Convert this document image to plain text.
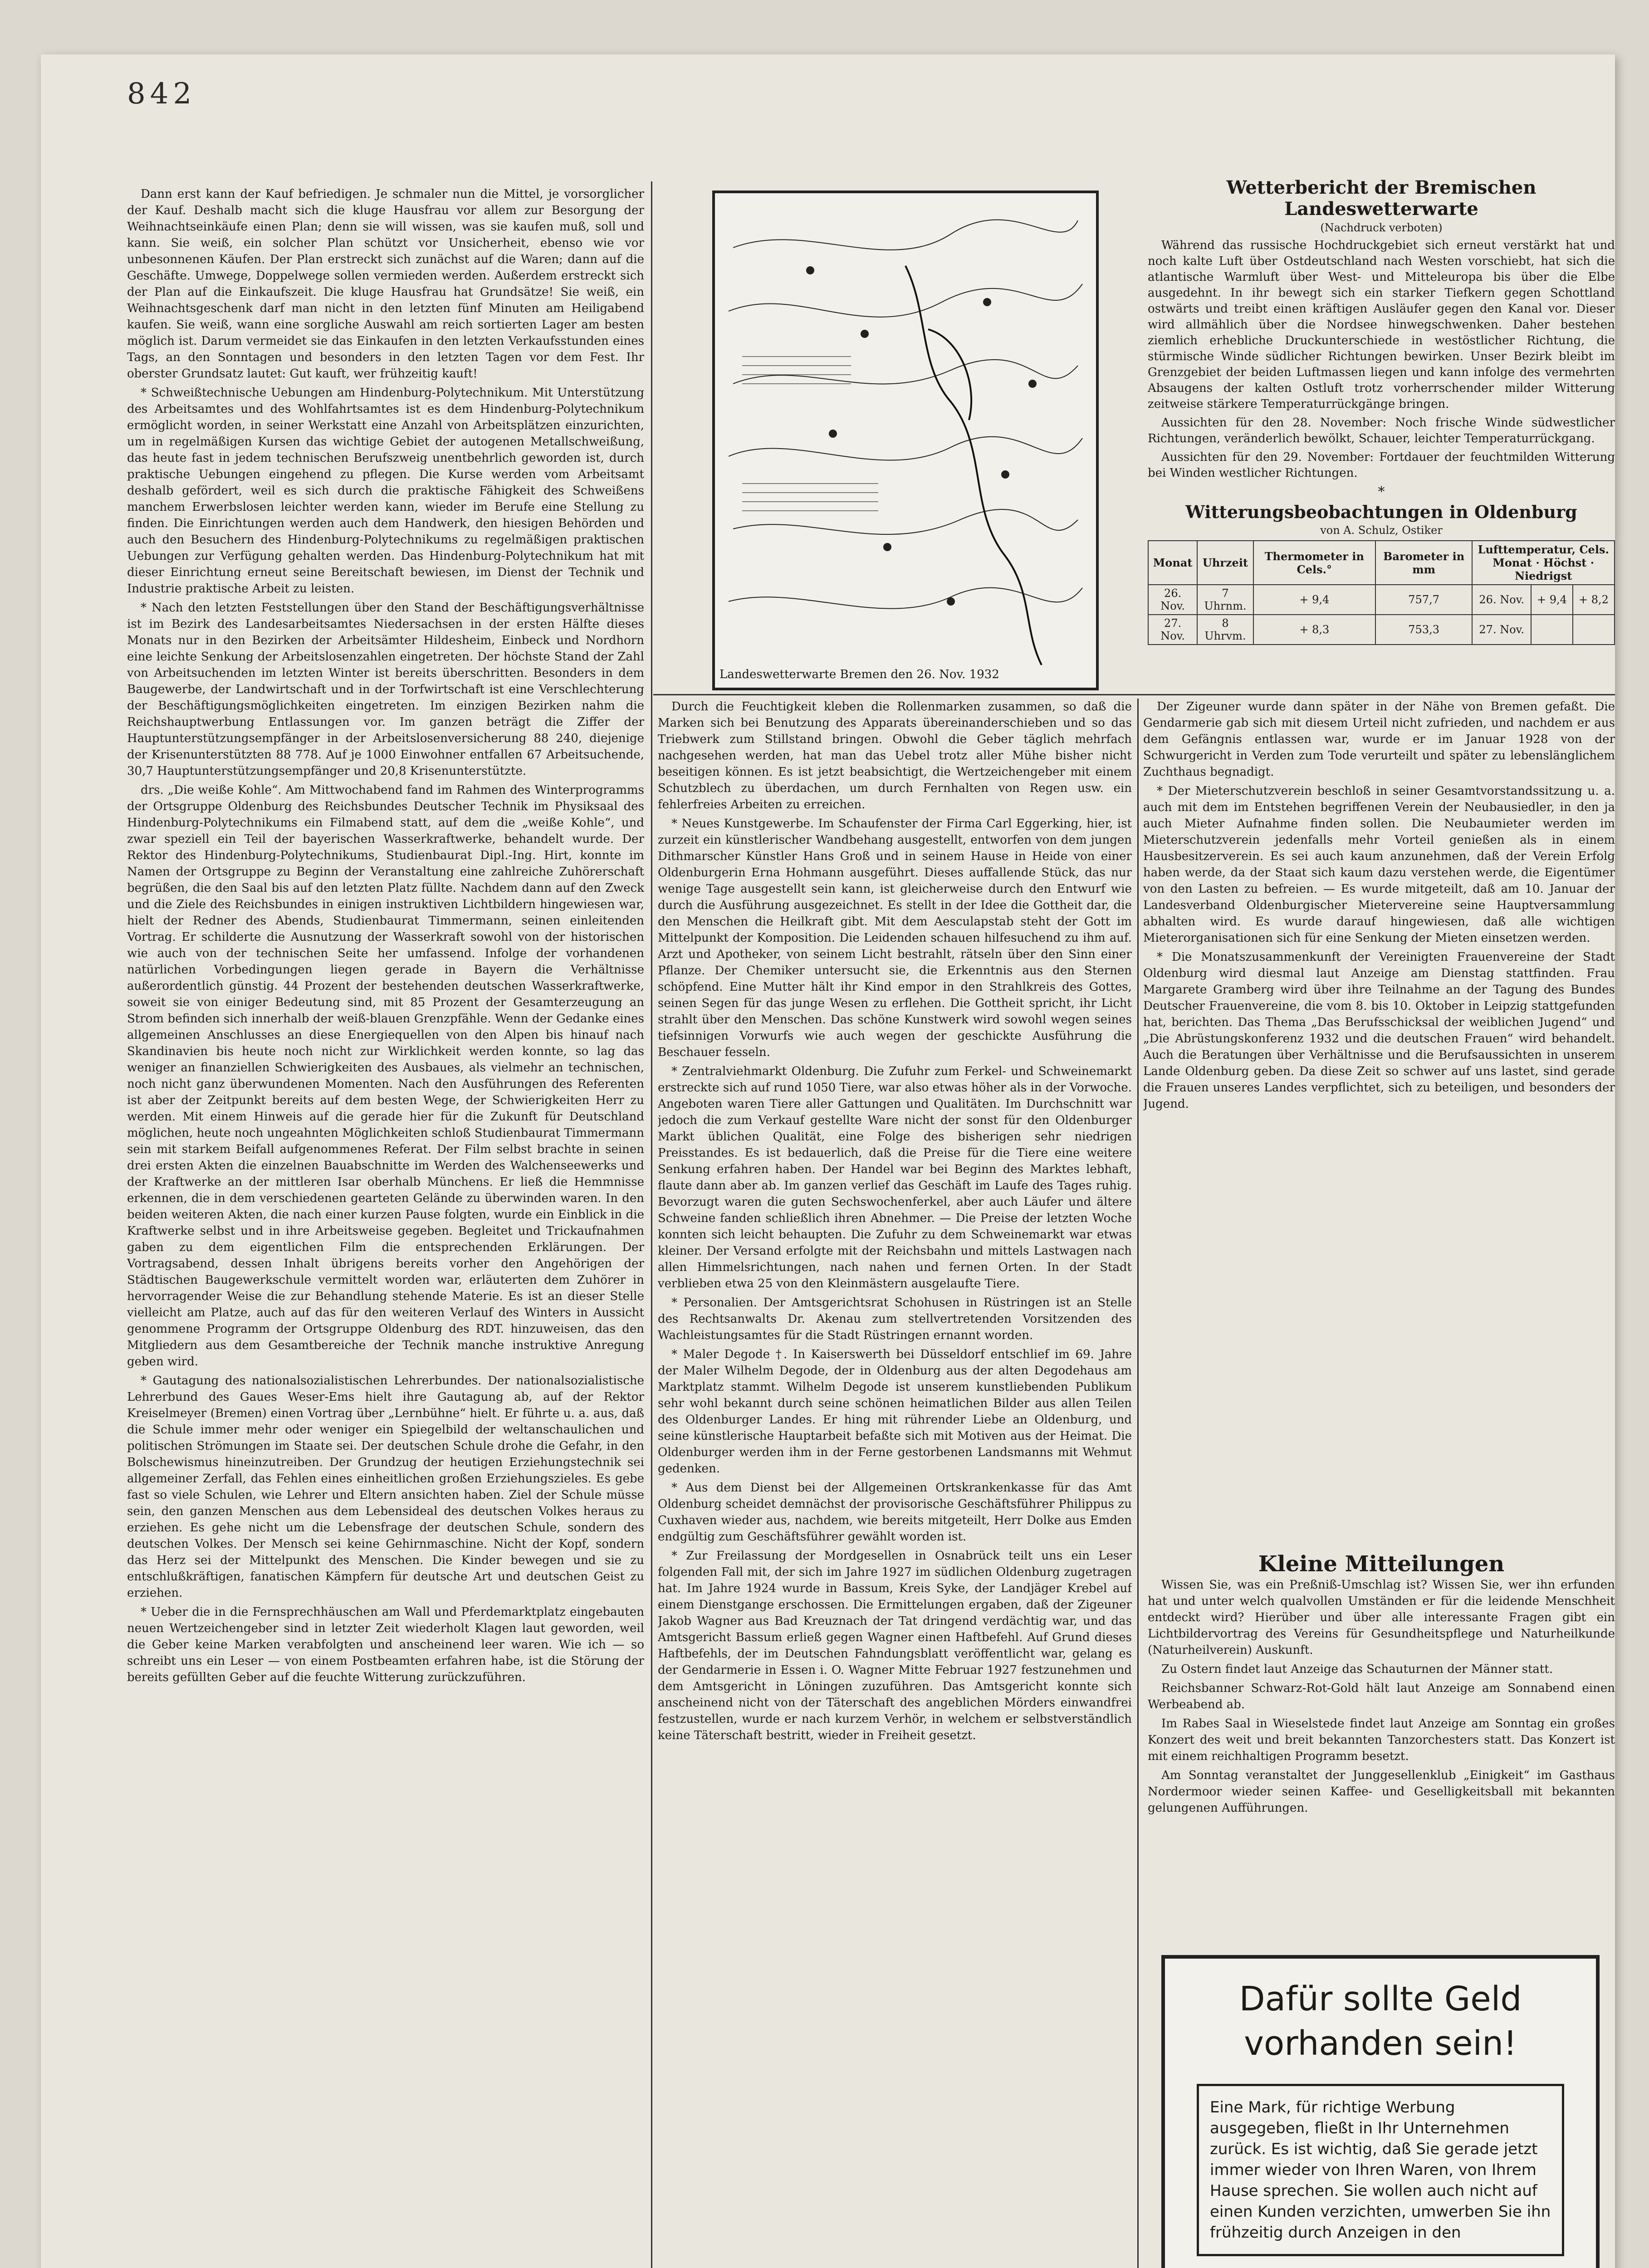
842

Dann erst kann der Kauf befriedigen. Je schmaler nun die Mittel, je vorsorglicher der Kauf. Deshalb macht sich die kluge Hausfrau vor allem zur Besorgung der Weihnachtseinkäufe einen Plan; denn sie will wissen, was sie kaufen muß, soll und kann. Sie weiß, ein solcher Plan schützt vor Unsicherheit, ebenso wie vor unbesonnenen Käufen. Der Plan erstreckt sich zunächst auf die Waren; dann auf die Geschäfte. Umwege, Doppelwege sollen vermieden werden. Außerdem erstreckt sich der Plan auf die Einkaufszeit. Die kluge Hausfrau hat Grundsätze! Sie weiß, ein Weihnachtsgeschenk darf man nicht in den letzten fünf Minuten am Heiligabend kaufen. Sie weiß, wann eine sorgliche Auswahl am reich sortierten Lager am besten möglich ist. Darum vermeidet sie das Einkaufen in den letzten Verkaufsstunden eines Tags, an den Sonntagen und besonders in den letzten Tagen vor dem Fest. Ihr oberster Grundsatz lautet: Gut kauft, wer frühzeitig kauft!

* Schweißtechnische Uebungen am Hindenburg-Polytechnikum. Mit Unterstützung des Arbeitsamtes und des Wohlfahrtsamtes ist es dem Hindenburg-Polytechnikum ermöglicht worden, in seiner Werkstatt eine Anzahl von Arbeitsplätzen einzurichten, um in regelmäßigen Kursen das wichtige Gebiet der autogenen Metallschweißung, das heute fast in jedem technischen Berufszweig unentbehrlich geworden ist, durch praktische Uebungen eingehend zu pflegen. Die Kurse werden vom Arbeitsamt deshalb gefördert, weil es sich durch die praktische Fähigkeit des Schweißens manchem Erwerbslosen leichter werden kann, wieder im Berufe eine Stellung zu finden. Die Einrichtungen werden auch dem Handwerk, den hiesigen Behörden und auch den Besuchern des Hindenburg-Polytechnikums zu regelmäßigen praktischen Uebungen zur Verfügung gehalten werden. Das Hindenburg-Polytechnikum hat mit dieser Einrichtung erneut seine Bereitschaft bewiesen, im Dienst der Technik und Industrie praktische Arbeit zu leisten.

* Nach den letzten Feststellungen über den Stand der Beschäftigungsverhältnisse ist im Bezirk des Landesarbeitsamtes Niedersachsen in der ersten Hälfte dieses Monats nur in den Bezirken der Arbeitsämter Hildesheim, Einbeck und Nordhorn eine leichte Senkung der Arbeitslosenzahlen eingetreten. Der höchste Stand der Zahl von Arbeitsuchenden im letzten Winter ist bereits überschritten. Besonders in dem Baugewerbe, der Landwirtschaft und in der Torfwirtschaft ist eine Verschlechterung der Beschäftigungsmöglichkeiten eingetreten. Im einzigen Bezirken nahm die Reichshauptwerbung Entlassungen vor. Im ganzen beträgt die Ziffer der Hauptunterstützungsempfänger in der Arbeitslosenversicherung 88 240, diejenige der Krisenunterstützten 88 778. Auf je 1000 Einwohner entfallen 67 Arbeitsuchende, 30,7 Hauptunterstützungsempfänger und 20,8 Krisenunterstützte.

drs. „Die weiße Kohle“. Am Mittwochabend fand im Rahmen des Winterprogramms der Ortsgruppe Oldenburg des Reichsbundes Deutscher Technik im Physiksaal des Hindenburg-Polytechnikums ein Filmabend statt, auf dem die „weiße Kohle“, und zwar speziell ein Teil der bayerischen Wasserkraftwerke, behandelt wurde. Der Rektor des Hindenburg-Polytechnikums, Studienbaurat Dipl.-Ing. Hirt, konnte im Namen der Ortsgruppe zu Beginn der Veranstaltung eine zahlreiche Zuhörerschaft begrüßen, die den Saal bis auf den letzten Platz füllte. Nachdem dann auf den Zweck und die Ziele des Reichsbundes in einigen instruktiven Lichtbildern hingewiesen war, hielt der Redner des Abends, Studienbaurat Timmermann, seinen einleitenden Vortrag. Er schilderte die Ausnutzung der Wasserkraft sowohl von der historischen wie auch von der technischen Seite her umfassend. Infolge der vorhandenen natürlichen Vorbedingungen liegen gerade in Bayern die Verhältnisse außerordentlich günstig. 44 Prozent der bestehenden deutschen Wasserkraftwerke, soweit sie von einiger Bedeutung sind, mit 85 Prozent der Gesamterzeugung an Strom befinden sich innerhalb der weiß-blauen Grenzpfähle. Wenn der Gedanke eines allgemeinen Anschlusses an diese Energiequellen von den Alpen bis hinauf nach Skandinavien bis heute noch nicht zur Wirklichkeit werden konnte, so lag das weniger an finanziellen Schwierigkeiten des Ausbaues, als vielmehr an technischen, noch nicht ganz überwundenen Momenten. Nach den Ausführungen des Referenten ist aber der Zeitpunkt bereits auf dem besten Wege, der Schwierigkeiten Herr zu werden. Mit einem Hinweis auf die gerade hier für die Zukunft für Deutschland möglichen, heute noch ungeahnten Möglichkeiten schloß Studienbaurat Timmermann sein mit starkem Beifall aufgenommenes Referat. Der Film selbst brachte in seinen drei ersten Akten die einzelnen Bauabschnitte im Werden des Walchenseewerks und der Kraftwerke an der mittleren Isar oberhalb Münchens. Er ließ die Hemmnisse erkennen, die in dem verschiedenen gearteten Gelände zu überwinden waren. In den beiden weiteren Akten, die nach einer kurzen Pause folgten, wurde ein Einblick in die Kraftwerke selbst und in ihre Arbeitsweise gegeben. Begleitet und Trickaufnahmen gaben zu dem eigentlichen Film die entsprechenden Erklärungen. Der Vortragsabend, dessen Inhalt übrigens bereits vorher den Angehörigen der Städtischen Baugewerkschule vermittelt worden war, erläuterten dem Zuhörer in hervorragender Weise die zur Behandlung stehende Materie. Es ist an dieser Stelle vielleicht am Platze, auch auf das für den weiteren Verlauf des Winters in Aussicht genommene Programm der Ortsgruppe Oldenburg des RDT. hinzuweisen, das den Mitgliedern aus dem Gesamtbereiche der Technik manche instruktive Anregung geben wird.

* Gautagung des nationalsozialistischen Lehrerbundes. Der nationalsozialistische Lehrerbund des Gaues Weser-Ems hielt ihre Gautagung ab, auf der Rektor Kreiselmeyer (Bremen) einen Vortrag über „Lernbühne“ hielt. Er führte u. a. aus, daß die Schule immer mehr oder weniger ein Spiegelbild der weltanschaulichen und politischen Strömungen im Staate sei. Der deutschen Schule drohe die Gefahr, in den Bolschewismus hineinzutreiben. Der Grundzug der heutigen Erziehungstechnik sei allgemeiner Zerfall, das Fehlen eines einheitlichen großen Erziehungszieles. Es gebe fast so viele Schulen, wie Lehrer und Eltern ansichten haben. Ziel der Schule müsse sein, den ganzen Menschen aus dem Lebensideal des deutschen Volkes heraus zu erziehen. Es gehe nicht um die Lebensfrage der deutschen Schule, sondern des deutschen Volkes. Der Mensch sei keine Gehirnmaschine. Nicht der Kopf, sondern das Herz sei der Mittelpunkt des Menschen. Die Kinder bewegen und sie zu entschlußkräftigen, fanatischen Kämpfern für deutsche Art und deutschen Geist zu erziehen.

* Ueber die in die Fernsprechhäuschen am Wall und Pferdemarktplatz eingebauten neuen Wertzeichengeber sind in letzter Zeit wiederholt Klagen laut geworden, weil die Geber keine Marken verabfolgten und anscheinend leer waren. Wie ich — so schreibt uns ein Leser — von einem Postbeamten erfahren habe, ist die Störung der bereits gefüllten Geber auf die feuchte Witterung zurückzuführen.

Landeswetterwarte Bremen den 26. Nov. 1932
Wetterbericht der Bremischen Landeswetterwarte
(Nachdruck verboten)

Während das russische Hochdruckgebiet sich erneut verstärkt hat und noch kalte Luft über Ostdeutschland nach Westen vorschiebt, hat sich die atlantische Warmluft über West- und Mitteleuropa bis über die Elbe ausgedehnt. In ihr bewegt sich ein starker Tiefkern gegen Schottland ostwärts und treibt einen kräftigen Ausläufer gegen den Kanal vor. Dieser wird allmählich über die Nordsee hinwegschwenken. Daher bestehen ziemlich erhebliche Druckunterschiede in westöstlicher Richtung, die stürmische Winde südlicher Richtungen bewirken. Unser Bezirk bleibt im Grenzgebiet der beiden Luftmassen liegen und kann infolge des vermehrten Absaugens der kalten Ostluft trotz vorherrschender milder Witterung zeitweise stärkere Temperaturrückgänge bringen.

Aussichten für den 28. November: Noch frische Winde südwestlicher Richtungen, veränderlich bewölkt, Schauer, leichter Temperaturrückgang.

Aussichten für den 29. November: Fortdauer der feuchtmilden Witterung bei Winden westlicher Richtungen.

*
Witterungsbeobachtungen in Oldenburg
von A. Schulz, Ostiker
Monat	Uhrzeit	Thermometer in Cels.°	Barometer in mm	Lufttemperatur, Cels.
Monat · Höchst · Niedrigst		
26. Nov.	7 Uhrnm.	+ 9,4	757,7	26. Nov.	+ 9,4	+ 8,2
27. Nov.	8 Uhrvm.	+ 8,3	753,3	27. Nov.		

Durch die Feuchtigkeit kleben die Rollenmarken zusammen, so daß die Marken sich bei Benutzung des Apparats übereinanderschieben und so das Triebwerk zum Stillstand bringen. Obwohl die Geber täglich mehrfach nachgesehen werden, hat man das Uebel trotz aller Mühe bisher nicht beseitigen können. Es ist jetzt beabsichtigt, die Wertzeichengeber mit einem Schutzblech zu überdachen, um durch Fernhalten von Regen usw. ein fehlerfreies Arbeiten zu erreichen.

* Neues Kunstgewerbe. Im Schaufenster der Firma Carl Eggerking, hier, ist zurzeit ein künstlerischer Wandbehang ausgestellt, entworfen von dem jungen Dithmarscher Künstler Hans Groß und in seinem Hause in Heide von einer Oldenburgerin Erna Hohmann ausgeführt. Dieses auffallende Stück, das nur wenige Tage ausgestellt sein kann, ist gleicherweise durch den Entwurf wie durch die Ausführung ausgezeichnet. Es stellt in der Idee die Gottheit dar, die den Menschen die Heilkraft gibt. Mit dem Aesculapstab steht der Gott im Mittelpunkt der Komposition. Die Leidenden schauen hilfesuchend zu ihm auf. Arzt und Apotheker, von seinem Licht bestrahlt, rätseln über den Sinn einer Pflanze. Der Chemiker untersucht sie, die Erkenntnis aus den Sternen schöpfend. Eine Mutter hält ihr Kind empor in den Strahlkreis des Gottes, seinen Segen für das junge Wesen zu erflehen. Die Gottheit spricht, ihr Licht strahlt über den Menschen. Das schöne Kunstwerk wird sowohl wegen seines tiefsinnigen Vorwurfs wie auch wegen der geschickte Ausführung die Beschauer fesseln.

* Zentralviehmarkt Oldenburg. Die Zufuhr zum Ferkel- und Schweinemarkt erstreckte sich auf rund 1050 Tiere, war also etwas höher als in der Vorwoche. Angeboten waren Tiere aller Gattungen und Qualitäten. Im Durchschnitt war jedoch die zum Verkauf gestellte Ware nicht der sonst für den Oldenburger Markt üblichen Qualität, eine Folge des bisherigen sehr niedrigen Preisstandes. Es ist bedauerlich, daß die Preise für die Tiere eine weitere Senkung erfahren haben. Der Handel war bei Beginn des Marktes lebhaft, flaute dann aber ab. Im ganzen verlief das Geschäft im Laufe des Tages ruhig. Bevorzugt waren die guten Sechswochenferkel, aber auch Läufer und ältere Schweine fanden schließlich ihren Abnehmer. — Die Preise der letzten Woche konnten sich leicht behaupten. Die Zufuhr zu dem Schweinemarkt war etwas kleiner. Der Versand erfolgte mit der Reichsbahn und mittels Lastwagen nach allen Himmelsrichtungen, nach nahen und fernen Orten. In der Stadt verblieben etwa 25 von den Kleinmästern ausgelaufte Tiere.

* Personalien. Der Amtsgerichtsrat Schohusen in Rüstringen ist an Stelle des Rechtsanwalts Dr. Akenau zum stellvertretenden Vorsitzenden des Wachleistungsamtes für die Stadt Rüstringen ernannt worden.

* Maler Degode †. In Kaiserswerth bei Düsseldorf entschlief im 69. Jahre der Maler Wilhelm Degode, der in Oldenburg aus der alten Degodehaus am Marktplatz stammt. Wilhelm Degode ist unserem kunstliebenden Publikum sehr wohl bekannt durch seine schönen heimatlichen Bilder aus allen Teilen des Oldenburger Landes. Er hing mit rührender Liebe an Oldenburg, und seine künstlerische Hauptarbeit befaßte sich mit Motiven aus der Heimat. Die Oldenburger werden ihm in der Ferne gestorbenen Landsmanns mit Wehmut gedenken.

* Aus dem Dienst bei der Allgemeinen Ortskrankenkasse für das Amt Oldenburg scheidet demnächst der provisorische Geschäftsführer Philippus zu Cuxhaven wieder aus, nachdem, wie bereits mitgeteilt, Herr Dolke aus Emden endgültig zum Geschäftsführer gewählt worden ist.

* Zur Freilassung der Mordgesellen in Osnabrück teilt uns ein Leser folgenden Fall mit, der sich im Jahre 1927 im südlichen Oldenburg zugetragen hat. Im Jahre 1924 wurde in Bassum, Kreis Syke, der Landjäger Krebel auf einem Dienstgange erschossen. Die Ermittelungen ergaben, daß der Zigeuner Jakob Wagner aus Bad Kreuznach der Tat dringend verdächtig war, und das Amtsgericht Bassum erließ gegen Wagner einen Haftbefehl. Auf Grund dieses Haftbefehls, der im Deutschen Fahndungsblatt veröffentlicht war, gelang es der Gendarmerie in Essen i. O. Wagner Mitte Februar 1927 festzunehmen und dem Amtsgericht in Löningen zuzuführen. Das Amtsgericht konnte sich anscheinend nicht von der Täterschaft des angeblichen Mörders einwandfrei festzustellen, wurde er nach kurzem Verhör, in welchem er selbstverständlich keine Täterschaft bestritt, wieder in Freiheit gesetzt.

Der Zigeuner wurde dann später in der Nähe von Bremen gefaßt. Die Gendarmerie gab sich mit diesem Urteil nicht zufrieden, und nachdem er aus dem Gefängnis entlassen war, wurde er im Januar 1928 von der Schwurgericht in Verden zum Tode verurteilt und später zu lebenslänglichem Zuchthaus begnadigt.

* Der Mieterschutzverein beschloß in seiner Gesamtvorstandssitzung u. a. auch mit dem im Entstehen begriffenen Verein der Neubausiedler, in den ja auch Mieter Aufnahme finden sollen. Die Neubaumieter werden im Mieterschutzverein jedenfalls mehr Vorteil genießen als in einem Hausbesitzerverein. Es sei auch kaum anzunehmen, daß der Verein Erfolg haben werde, da der Staat sich kaum dazu verstehen werde, die Eigentümer von den Lasten zu befreien. — Es wurde mitgeteilt, daß am 10. Januar der Landesverband Oldenburgischer Mietervereine seine Hauptversammlung abhalten wird. Es wurde darauf hingewiesen, daß alle wichtigen Mieterorganisationen sich für eine Senkung der Mieten einsetzen werden.

* Die Monatszusammenkunft der Vereinigten Frauenvereine der Stadt Oldenburg wird diesmal laut Anzeige am Dienstag stattfinden. Frau Margarete Gramberg wird über ihre Teilnahme an der Tagung des Bundes Deutscher Frauenvereine, die vom 8. bis 10. Oktober in Leipzig stattgefunden hat, berichten. Das Thema „Das Berufsschicksal der weiblichen Jugend“ und „Die Abrüstungskonferenz 1932 und die deutschen Frauen“ wird behandelt. Auch die Beratungen über Verhältnisse und die Berufsaussichten in unserem Lande Oldenburg geben. Da diese Zeit so schwer auf uns lastet, sind gerade die Frauen unseres Landes verpflichtet, sich zu beteiligen, und besonders der Jugend.

Kleine Mitteilungen

Wissen Sie, was ein Preßniß-Umschlag ist? Wissen Sie, wer ihn erfunden hat und unter welch qualvollen Umständen er für die leidende Menschheit entdeckt wird? Hierüber und über alle interessante Fragen gibt ein Lichtbildervortrag des Vereins für Gesundheitspflege und Naturheilkunde (Naturheilverein) Auskunft.

Zu Ostern findet laut Anzeige das Schauturnen der Männer statt.

Reichsbanner Schwarz-Rot-Gold hält laut Anzeige am Sonnabend einen Werbeabend ab.

Im Rabes Saal in Wieselstede findet laut Anzeige am Sonntag ein großes Konzert des weit und breit bekannten Tanzorchesters statt. Das Konzert ist mit einem reichhaltigen Programm besetzt.

Am Sonntag veranstaltet der Junggesellenklub „Einigkeit“ im Gasthaus Nordermoor wieder seinen Kaffee- und Geselligkeitsball mit bekannten gelungenen Aufführungen.

Dafür sollte Geld
vorhanden sein!
Eine Mark, für richtige Werbung ausgegeben, fließt in Ihr Unternehmen zurück. Es ist wichtig, daß Sie gerade jetzt immer wieder von Ihren Waren, von Ihrem Hause sprechen. Sie wollen auch nicht auf einen Kunden verzichten, umwerben Sie ihn frühzeitig durch Anzeigen in den
